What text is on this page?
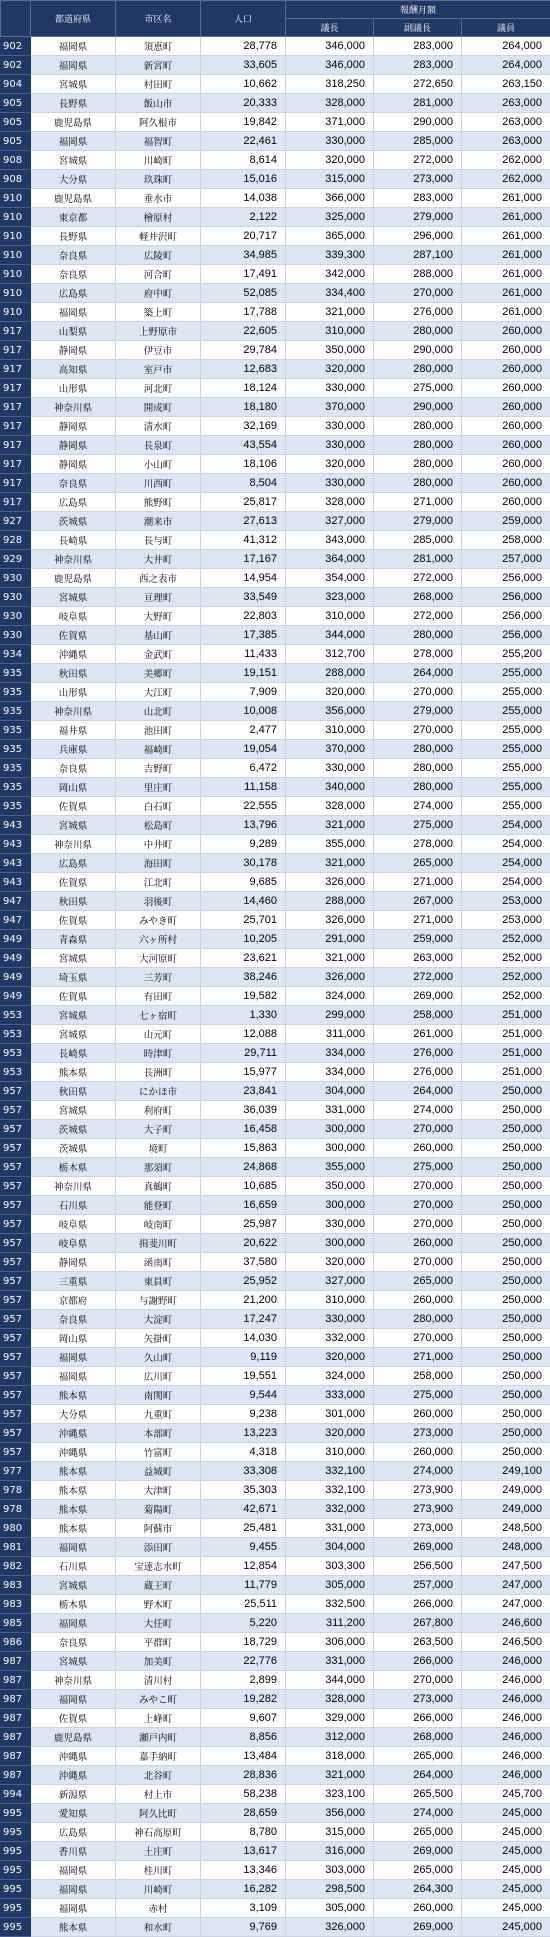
	都道府県	市区名	人口	報酬月額		
				議長	副議長	議員
902	福岡県	須恵町	28,778	346,000	283,000	264,000
902	福岡県	新宮町	33,605	346,000	283,000	264,000
904	宮城県	村田町	10,662	318,250	272,650	263,150
905	長野県	飯山市	20,333	328,000	281,000	263,000
905	鹿児島県	阿久根市	19,842	371,000	290,000	263,000
905	福岡県	福智町	22,461	330,000	285,000	263,000
908	宮城県	川崎町	8,614	320,000	272,000	262,000
908	大分県	玖珠町	15,016	315,000	273,000	262,000
910	鹿児島県	垂水市	14,038	366,000	283,000	261,000
910	東京都	檜原村	2,122	325,000	279,000	261,000
910	長野県	軽井沢町	20,717	365,000	296,000	261,000
910	奈良県	広陵町	34,985	339,300	287,100	261,000
910	奈良県	河合町	17,491	342,000	288,000	261,000
910	広島県	府中町	52,085	334,400	270,000	261,000
910	福岡県	築上町	17,788	321,000	276,000	261,000
917	山梨県	上野原市	22,605	310,000	280,000	260,000
917	静岡県	伊豆市	29,784	350,000	290,000	260,000
917	高知県	室戸市	12,683	320,000	280,000	260,000
917	山形県	河北町	18,124	330,000	275,000	260,000
917	神奈川県	開成町	18,180	370,000	290,000	260,000
917	静岡県	清水町	32,169	330,000	280,000	260,000
917	静岡県	長泉町	43,554	330,000	280,000	260,000
917	静岡県	小山町	18,106	320,000	280,000	260,000
917	奈良県	川西町	8,504	330,000	280,000	260,000
917	広島県	熊野町	25,817	328,000	271,000	260,000
927	茨城県	潮来市	27,613	327,000	279,000	259,000
928	長崎県	長与町	41,312	343,000	285,000	258,000
929	神奈川県	大井町	17,167	364,000	281,000	257,000
930	鹿児島県	西之表市	14,954	354,000	272,000	256,000
930	宮城県	亘理町	33,549	323,000	268,000	256,000
930	岐阜県	大野町	22,803	310,000	272,000	256,000
930	佐賀県	基山町	17,385	344,000	280,000	256,000
934	沖縄県	金武町	11,433	312,700	278,000	255,200
935	秋田県	美郷町	19,151	288,000	264,000	255,000
935	山形県	大江町	7,909	320,000	270,000	255,000
935	神奈川県	山北町	10,008	356,000	279,000	255,000
935	福井県	池田町	2,477	310,000	270,000	255,000
935	兵庫県	福崎町	19,054	370,000	280,000	255,000
935	奈良県	吉野町	6,472	330,000	280,000	255,000
935	岡山県	里庄町	11,158	340,000	280,000	255,000
935	佐賀県	白石町	22,555	328,000	274,000	255,000
943	宮城県	松島町	13,796	321,000	275,000	254,000
943	神奈川県	中井町	9,289	355,000	278,000	254,000
943	広島県	海田町	30,178	321,000	265,000	254,000
943	佐賀県	江北町	9,685	326,000	271,000	254,000
947	秋田県	羽後町	14,460	288,000	267,000	253,000
947	佐賀県	みやき町	25,701	326,000	271,000	253,000
949	青森県	六ヶ所村	10,205	291,000	259,000	252,000
949	宮城県	大河原町	23,621	321,000	263,000	252,000
949	埼玉県	三芳町	38,246	326,000	272,000	252,000
949	佐賀県	有田町	19,582	324,000	269,000	252,000
953	宮城県	七ヶ宿町	1,330	299,000	258,000	251,000
953	宮城県	山元町	12,088	311,000	261,000	251,000
953	長崎県	時津町	29,711	334,000	276,000	251,000
953	熊本県	長洲町	15,977	334,000	276,000	251,000
957	秋田県	にかほ市	23,841	304,000	264,000	250,000
957	宮城県	利府町	36,039	331,000	274,000	250,000
957	茨城県	大子町	16,458	300,000	270,000	250,000
957	茨城県	境町	15,863	300,000	260,000	250,000
957	栃木県	那須町	24,868	355,000	275,000	250,000
957	神奈川県	真鶴町	10,685	350,000	270,000	250,000
957	石川県	能登町	16,659	300,000	270,000	250,000
957	岐阜県	岐南町	25,987	330,000	270,000	250,000
957	岐阜県	揖斐川町	20,622	300,000	260,000	250,000
957	静岡県	函南町	37,580	320,000	270,000	250,000
957	三重県	東員町	25,952	327,000	265,000	250,000
957	京都府	与謝野町	21,200	310,000	260,000	250,000
957	奈良県	大淀町	17,247	330,000	280,000	250,000
957	岡山県	矢掛町	14,030	332,000	270,000	250,000
957	福岡県	久山町	9,119	320,000	271,000	250,000
957	福岡県	広川町	19,551	324,000	258,000	250,000
957	熊本県	南関町	9,544	333,000	275,000	250,000
957	大分県	九重町	9,238	301,000	260,000	250,000
957	沖縄県	本部町	13,223	320,000	273,000	250,000
957	沖縄県	竹富町	4,318	310,000	260,000	250,000
977	熊本県	益城町	33,308	332,100	274,000	249,100
978	熊本県	大津町	35,303	332,100	273,900	249,000
978	熊本県	菊陽町	42,671	332,000	273,900	249,000
980	熊本県	阿蘇市	25,481	331,000	273,000	248,500
981	福岡県	添田町	9,455	304,000	269,000	248,000
982	石川県	宝達志水町	12,854	303,300	256,500	247,500
983	宮城県	蔵王町	11,779	305,000	257,000	247,000
983	栃木県	野木町	25,511	332,500	266,000	247,000
985	福岡県	大任町	5,220	311,200	267,800	246,600
986	奈良県	平群町	18,729	306,000	263,500	246,500
987	宮城県	加美町	22,776	331,000	266,000	246,000
987	神奈川県	清川村	2,899	344,000	270,000	246,000
987	福岡県	みやこ町	19,282	328,000	273,000	246,000
987	佐賀県	上峰町	9,607	329,000	266,000	246,000
987	鹿児島県	瀬戸内町	8,856	312,000	268,000	246,000
987	沖縄県	嘉手納町	13,484	318,000	265,000	246,000
987	沖縄県	北谷町	28,836	321,000	264,000	246,000
994	新潟県	村上市	58,238	323,100	265,500	245,700
995	愛知県	阿久比町	28,659	356,000	274,000	245,000
995	広島県	神石高原町	8,780	315,000	265,000	245,000
995	香川県	土庄町	13,617	316,000	269,000	245,000
995	福岡県	桂川町	13,346	303,000	265,000	245,000
995	福岡県	川崎町	16,282	298,500	264,300	245,000
995	福岡県	赤村	3,109	305,000	260,000	245,000
995	熊本県	和水町	9,769	326,000	269,000	245,000
